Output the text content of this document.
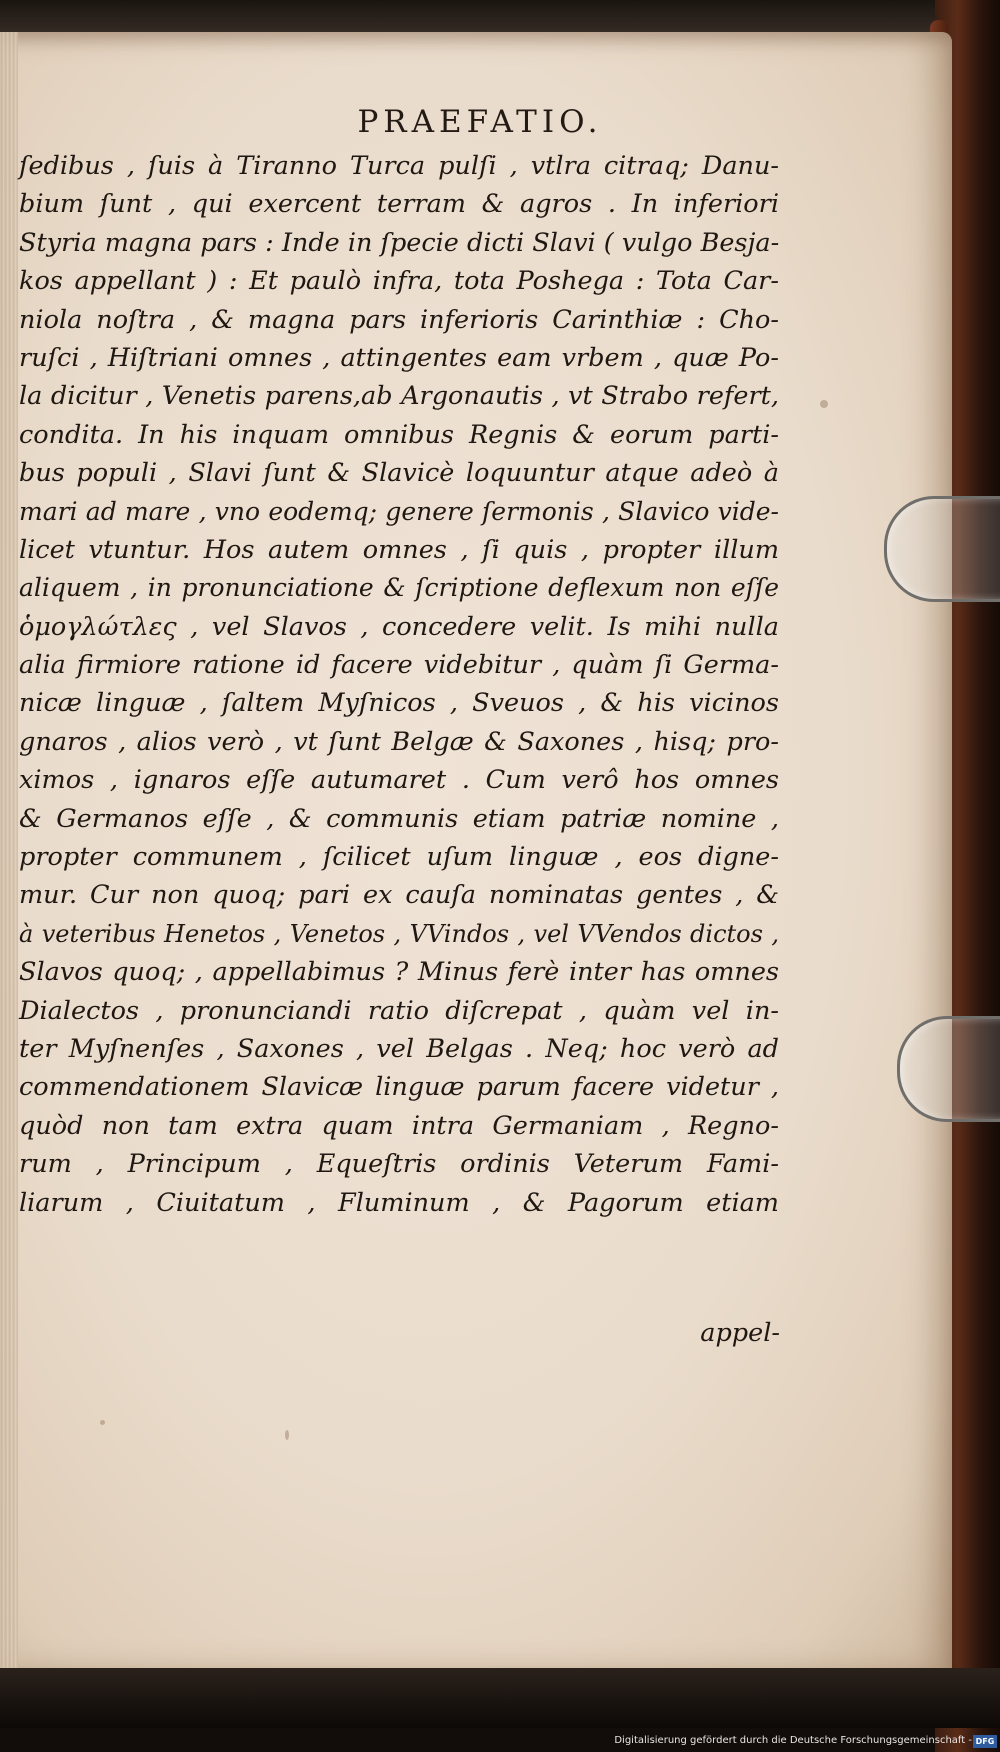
PRAEFATIO.
ſedibus , ſuis à Tiranno Turca pulſi , vtlra citraq; Danu-
bium ſunt , qui exercent terram & agros . In inferiori
Styria magna pars : Inde in ſpecie dicti Slavi ( vulgo Besja-
kos appellant ) : Et paulò infra, tota Poshega : Tota Car-
niola noſtra , & magna pars inferioris Carinthiæ : Cho-
ruſci , Hiſtriani omnes , attingentes eam vrbem , quæ Po-
la dicitur , Venetis parens,ab Argonautis , vt Strabo refert,
condita. In his inquam omnibus Regnis & eorum parti-
bus populi , Slavi ſunt & Slavicè loquuntur atque adeò à
mari ad mare , vno eodemq; genere ſermonis , Slavico vide-
licet vtuntur. Hos autem omnes , ſi quis , propter illum
aliquem , in pronunciatione & ſcriptione deflexum non eſſe
ὁμογλώτλες , vel Slavos , concedere velit. Is mihi nulla
alia firmiore ratione id facere videbitur , quàm ſi Germa-
nicæ linguæ , ſaltem Myſnicos , Sveuos , & his vicinos
gnaros , alios verò , vt ſunt Belgæ & Saxones , hisq; pro-
ximos , ignaros eſſe autumaret . Cum verô hos omnes
& Germanos eſſe , & communis etiam patriæ nomine ,
propter communem , ſcilicet uſum linguæ , eos digne-
mur. Cur non quoq; pari ex cauſa nominatas gentes , &
à veteribus Henetos , Venetos , VVindos , vel VVendos dictos ,
Slavos quoq; , appellabimus ? Minus ferè inter has omnes
Dialectos , pronunciandi ratio diſcrepat , quàm vel in-
ter Myſnenſes , Saxones , vel Belgas . Neq; hoc verò ad
commendationem Slavicæ linguæ parum facere videtur ,
quòd non tam extra quam intra Germaniam , Regno-
rum , Principum , Equeſtris ordinis Veterum Fami-
liarum , Ciuitatum , Fluminum , & Pagorum etiam
appel-
Digitalisierung gefördert durch die Deutsche Forschungsgemeinschaft - DFG
